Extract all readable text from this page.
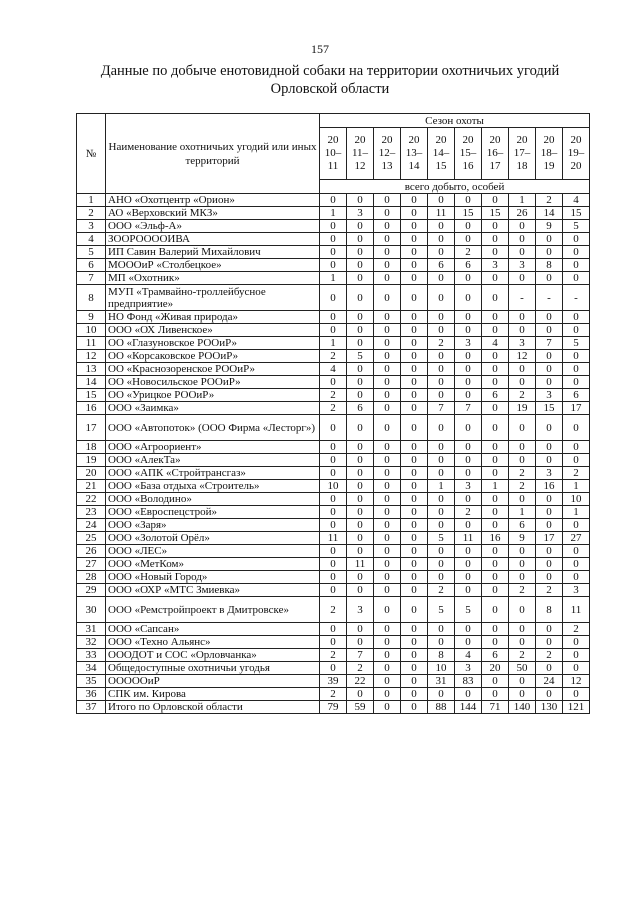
157
Данные по добыче енотовидной собаки на территории охотничьих угодий
Орловской области
№	Наименование охотничьих угодий или иных территорий	Сезон охоты									
		20 10–11	20 11–12	20 12–13	20 13–14	20 14–15	20 15–16	20 16–17	20 17–18	20 18–19	20 19–20
		всего добыто, особей									
1	АНО «Охотцентр «Орион»	0	0	0	0	0	0	0	1	2	4
2	АО «Верховский МКЗ»	1	3	0	0	11	15	15	26	14	15
3	ООО «Эльф-А»	0	0	0	0	0	0	0	0	9	5
4	ЗООРООООИВА	0	0	0	0	0	0	0	0	0	0
5	ИП Савин Валерий Михайлович	0	0	0	0	0	2	0	0	0	0
6	МОООиР «Столбецкое»	0	0	0	0	6	6	3	3	8	0
7	МП «Охотник»	1	0	0	0	0	0	0	0	0	0
8	МУП «Трамвайно-троллейбусное предприятие»	0	0	0	0	0	0	0	-	-	-
9	НО Фонд «Живая природа»	0	0	0	0	0	0	0	0	0	0
10	ООО «ОХ Ливенское»	0	0	0	0	0	0	0	0	0	0
11	ОО «Глазуновское РООиР»	1	0	0	0	2	3	4	3	7	5
12	ОО «Корсаковское РООиР»	2	5	0	0	0	0	0	12	0	0
13	ОО «Краснозоренское РООиР»	4	0	0	0	0	0	0	0	0	0
14	ОО «Новосильское РООиР»	0	0	0	0	0	0	0	0	0	0
15	ОО «Урицкое РООиР»	2	0	0	0	0	0	6	2	3	6
16	ООО «Заимка»	2	6	0	0	7	7	0	19	15	17
17	ООО «Автопоток» (ООО Фирма «Лесторг»)	0	0	0	0	0	0	0	0	0	0
18	ООО «Агроориент»	0	0	0	0	0	0	0	0	0	0
19	ООО «АлекТа»	0	0	0	0	0	0	0	0	0	0
20	ООО «АПК «Стройтрансгаз»	0	0	0	0	0	0	0	2	3	2
21	ООО «База отдыха «Строитель»	10	0	0	0	1	3	1	2	16	1
22	ООО «Володино»	0	0	0	0	0	0	0	0	0	10
23	ООО «Евроспецстрой»	0	0	0	0	0	2	0	1	0	1
24	ООО «Заря»	0	0	0	0	0	0	0	6	0	0
25	ООО «Золотой Орёл»	11	0	0	0	5	11	16	9	17	27
26	ООО «ЛЕС»	0	0	0	0	0	0	0	0	0	0
27	ООО «МетКом»	0	11	0	0	0	0	0	0	0	0
28	ООО «Новый Город»	0	0	0	0	0	0	0	0	0	0
29	ООО «ОХР «МТС Змиевка»	0	0	0	0	2	0	0	2	2	3
30	ООО «Ремстройпроект в Дмитровске»	2	3	0	0	5	5	0	0	8	11
31	ООО «Сапсан»	0	0	0	0	0	0	0	0	0	2
32	ООО «Техно Альянс»	0	0	0	0	0	0	0	0	0	0
33	ОООДОТ и СОС «Орловчанка»	2	7	0	0	8	4	6	2	2	0
34	Общедоступные охотничьи угодья	0	2	0	0	10	3	20	50	0	0
35	ОООООиР	39	22	0	0	31	83	0	0	24	12
36	СПК им. Кирова	2	0	0	0	0	0	0	0	0	0
37	Итого по Орловской области	79	59	0	0	88	144	71	140	130	121
